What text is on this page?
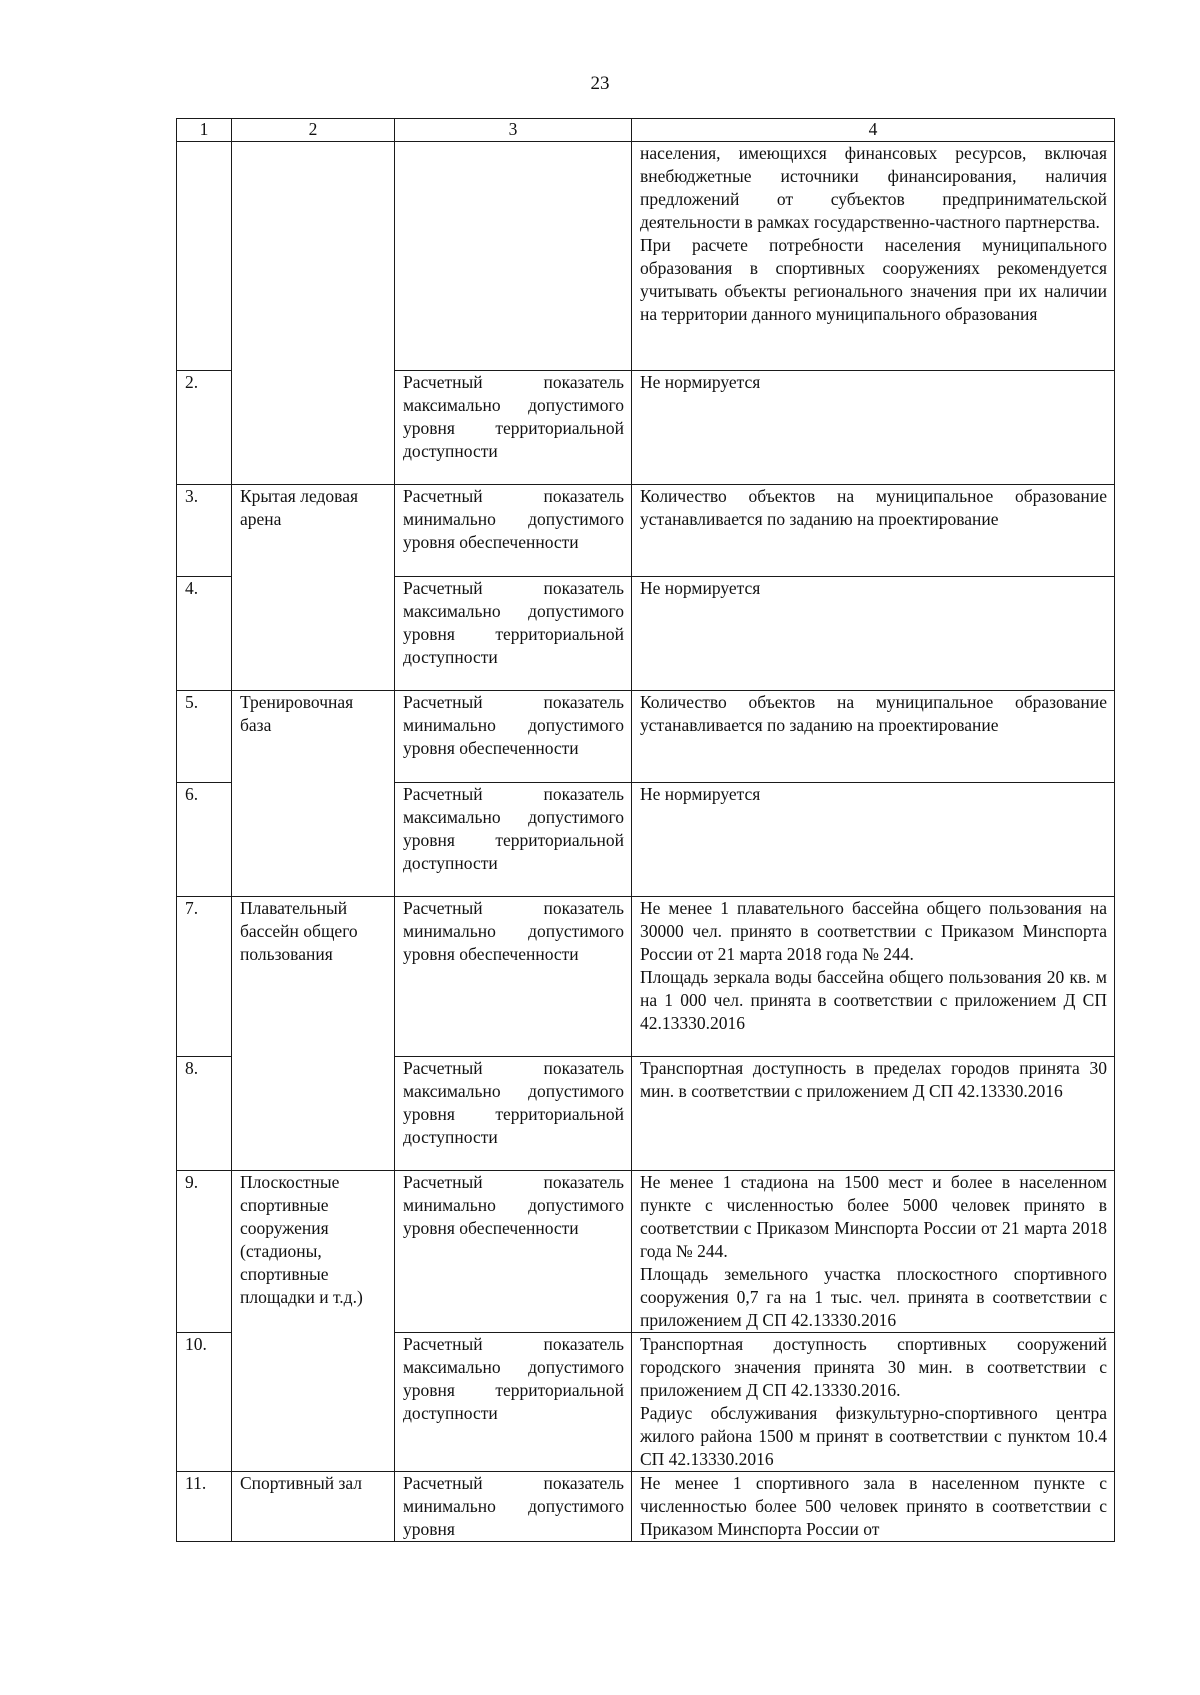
23
1	2	3	4

			населения, имеющихся финансовых ресурсов, включая внебюджетные источники финансирования, наличия предложений от субъектов предпринимательской деятельности в рамках государственно-частного партнерства.
При расчете потребности населения муниципального образования в спортивных сооружениях рекомендуется учитывать объекты регионального значения при их наличии на территории данного муниципального образования

2.		Расчетный показатель максимально допустимого уровня территориальной доступности	Не нормируется
3.	Крытая ледовая арена	Расчетный показатель минимально допустимого уровня обеспеченности	Количество объектов на муниципальное образование устанавливается по заданию на проектирование
4.		Расчетный показатель максимально допустимого уровня территориальной доступности	Не нормируется
5.	Тренировочная база	Расчетный показатель минимально допустимого уровня обеспеченности	Количество объектов на муниципальное образование устанавливается по заданию на проектирование
6.		Расчетный показатель максимально допустимого уровня территориальной доступности	Не нормируется
7.	Плавательный бассейн общего пользования	Расчетный показатель минимально допустимого уровня обеспеченности	Не менее 1 плавательного бассейна общего пользования на 30000 чел. принято в соответствии с Приказом Минспорта России от 21 марта 2018 года № 244.
Площадь зеркала воды бассейна общего пользования 20 кв. м на 1 000 чел. принята в соответствии с приложением Д СП 42.13330.2016

8.		Расчетный показатель максимально допустимого уровня территориальной доступности	Транспортная доступность в пределах городов принята 30 мин. в соответствии с приложением Д СП 42.13330.2016
9.	Плоскостные спортивные сооружения (стадионы, спортивные площадки и т.д.)	Расчетный показатель минимально допустимого уровня обеспеченности	Не менее 1 стадиона на 1500 мест и более в населенном пункте с численностью более 5000 человек принято в соответствии с Приказом Минспорта России от 21 марта 2018 года № 244.
Площадь земельного участка плоскостного спортивного сооружения 0,7 га на 1 тыс. чел. принята в соответствии с приложением Д СП 42.13330.2016

10.		Расчетный показатель максимально допустимого уровня территориальной доступности	Транспортная доступность спортивных сооружений городского значения принята 30 мин. в соответствии с приложением Д СП 42.13330.2016.
Радиус обслуживания физкультурно-спортивного центра жилого района 1500 м принят в соответствии с пунктом 10.4 СП 42.13330.2016

11.	Спортивный зал	Расчетный показатель минимально допустимого уровня	Не менее 1 спортивного зала в населенном пункте с численностью более 500 человек принято в соответствии с Приказом Минспорта России от
